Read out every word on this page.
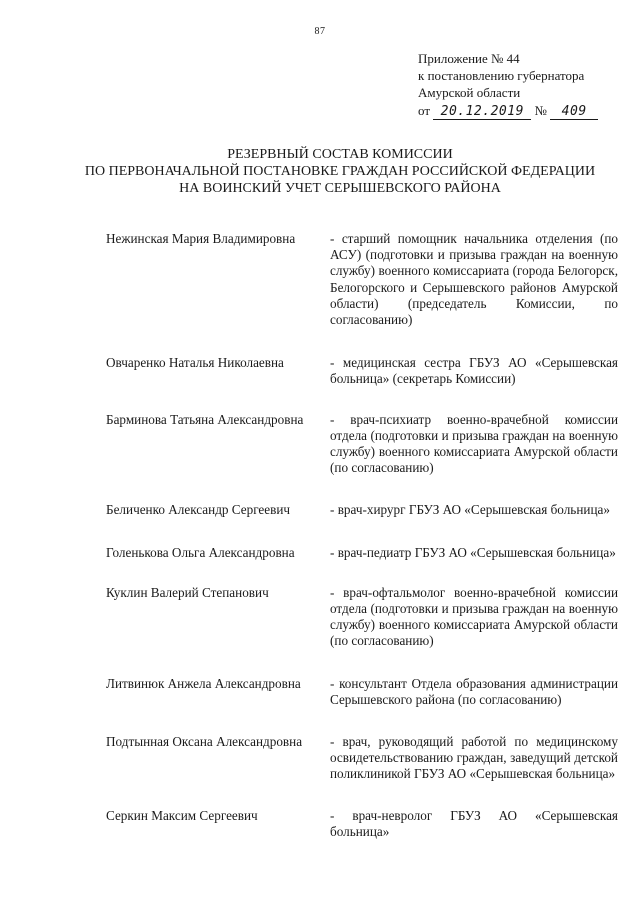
87
Приложение № 44
к постановлению губернатора
Амурской области
от 20.12.2019 № 409
РЕЗЕРВНЫЙ СОСТАВ КОМИССИИ
ПО ПЕРВОНАЧАЛЬНОЙ ПОСТАНОВКЕ ГРАЖДАН РОССИЙСКОЙ ФЕДЕРАЦИИ
НА ВОИНСКИЙ УЧЕТ СЕРЫШЕВСКОГО РАЙОНА
Нежинская Мария Владимировна	- старший помощник начальника отделения (по АСУ) (подготовки и призыва граждан на военную службу) военного комиссариата (города Белогорск, Белогорского и Серышевского районов Амурской области) (председатель Комиссии, по согласованию)
Овчаренко Наталья Николаевна	- медицинская сестра ГБУЗ АО «Серышевская больница» (секретарь Комиссии)
Барминова Татьяна Александровна	- врач-психиатр военно-врачебной комиссии отдела (подготовки и призыва граждан на военную службу) военного комиссариата Амурской области (по согласованию)
Беличенко Александр Сергеевич	- врач-хирург ГБУЗ АО «Серышевская больница»
Голенькова Ольга Александровна	- врач-педиатр ГБУЗ АО «Серышевская больница»
Куклин Валерий Степанович	- врач-офтальмолог военно-врачебной комиссии отдела (подготовки и призыва граждан на военную службу) военного комиссариата Амурской области (по согласованию)
Литвинюк Анжела Александровна	- консультант Отдела образования администрации Серышевского района (по согласованию)
Подтынная Оксана Александровна	- врач, руководящий работой по медицинскому освидетельствованию граждан, заведущий детской поликлиникой ГБУЗ АО «Серышевская больница»
Серкин Максим Сергеевич	- врач-невролог ГБУЗ АО «Серышевская больница»
